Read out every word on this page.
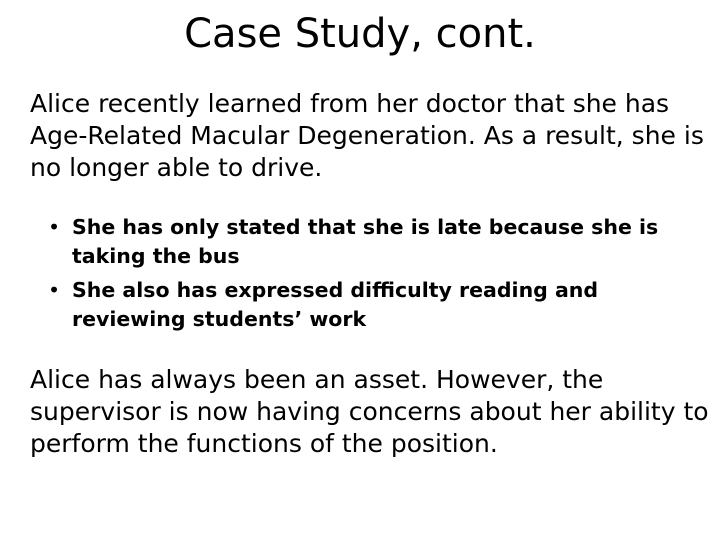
Case Study, cont.

Alice recently learned from her doctor that she has Age-Related Macular Degeneration. As a result, she is no longer able to drive.

• She has only stated that she is late because she is taking the bus
• She also has expressed difficulty reading and reviewing students’ work

Alice has always been an asset. However, the supervisor is now having concerns about her ability to perform the functions of the position.
